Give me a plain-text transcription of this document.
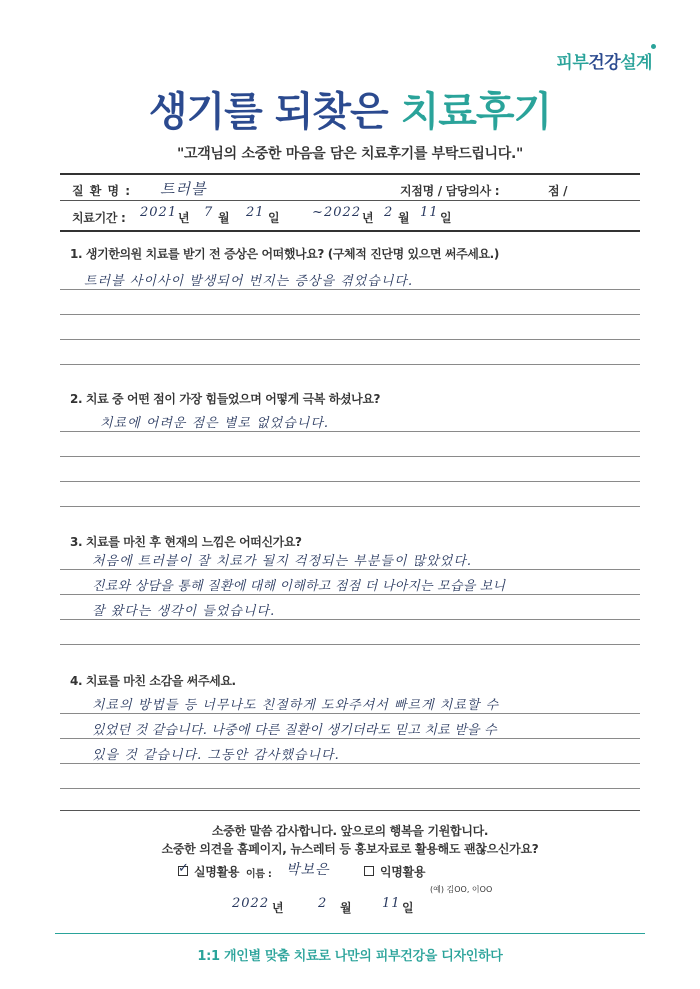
피부건강설계
생기를 되찾은 치료후기
"고객님의 소중한 마음을 담은 치료후기를 부탁드립니다."
질 환 명 : 트러블	지점명 / 담당의사 :	점 /
치료기간 : 2021 년 7 월 21 일	~ 2022 년 2 월 11 일
1. 생기한의원 치료를 받기 전 증상은 어떠했나요? (구체적 진단명 있으면 써주세요.)
트러블 사이사이 발생되어 번지는 증상을 겪었습니다.
2. 치료 중 어떤 점이 가장 힘들었으며 어떻게 극복 하셨나요?
치료에 어려운 점은 별로 없었습니다.
3. 치료를 마친 후 현재의 느낌은 어떠신가요?
처음에 트러블이 잘 치료가 될지 걱정되는 부분들이 많았었다.
진료와 상담을 통해 질환에 대해 이해하고 점점 더 나아지는 모습을 보니
잘 왔다는 생각이 들었습니다.
4. 치료를 마친 소감을 써주세요.
치료의 방법들 등 너무나도 친절하게 도와주셔서 빠르게 치료할 수
있었던 것 같습니다. 나중에 다른 질환이 생기더라도 믿고 치료 받을 수
있을 것 같습니다. 그동안 감사했습니다.
소중한 말씀 감사합니다. 앞으로의 행복을 기원합니다.
소중한 의견을 홈페이지, 뉴스레터 등 홍보자료로 활용해도 괜찮으신가요?
✓ 실명활용 이름 : 박보은	익명활용
(예) 김OO, 이OO
2022 년	2 월 11 일
1:1 개인별 맞춤 치료로 나만의 피부건강을 디자인하다
